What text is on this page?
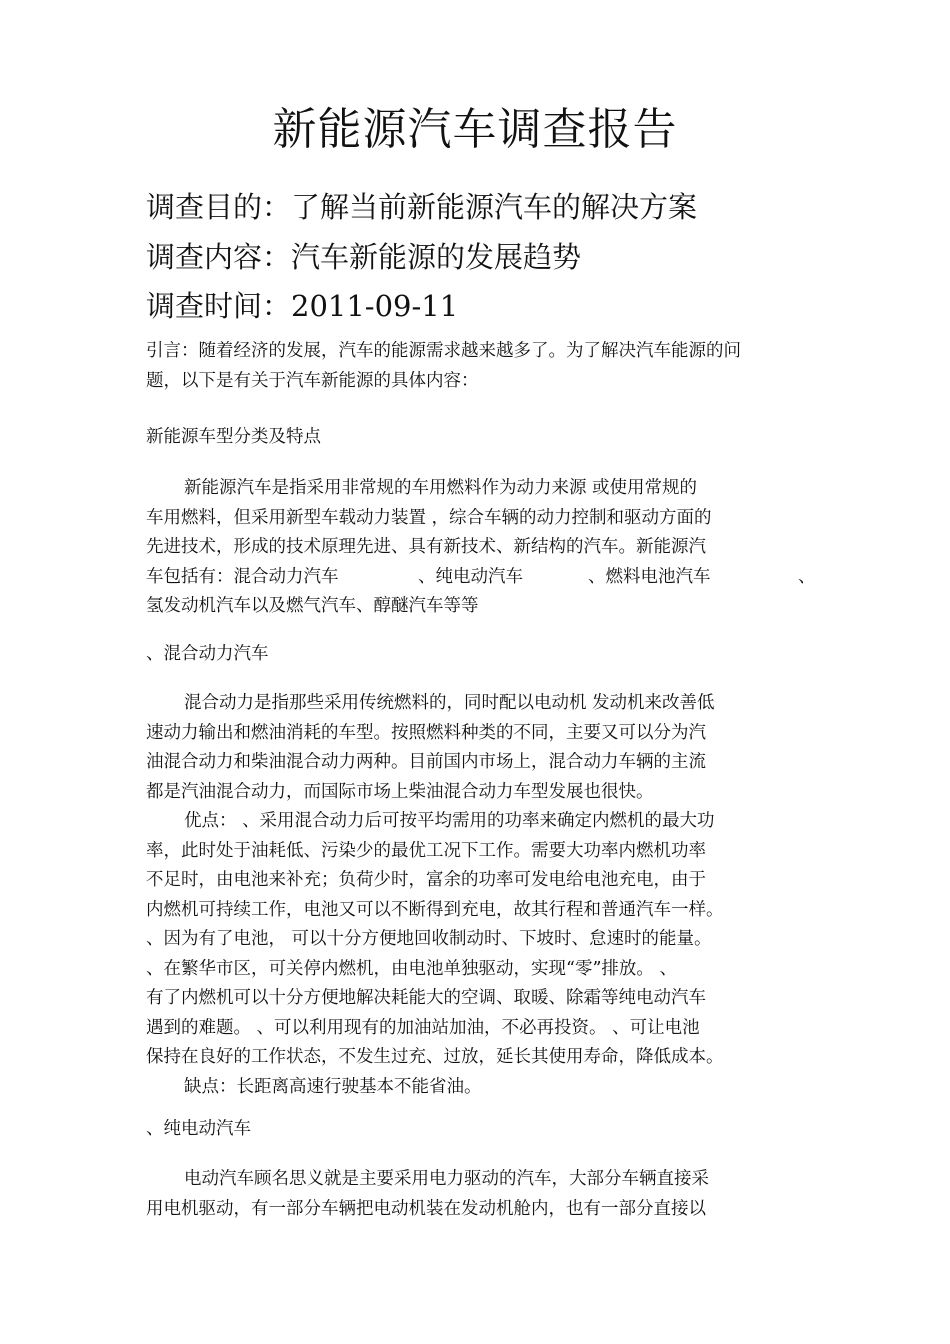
新能源汽车调查报告
调查目的：了解当前新能源汽车的解决方案
调查内容：汽车新能源的发展趋势
调查时间：2011-09-11
引言：随着经济的发展，汽车的能源需求越来越多了。为了解决汽车能源的问
题，以下是有关于汽车新能源的具体内容：
新能源车型分类及特点
新能源汽车是指采用非常规的车用燃料作为动力来源 或使用常规的
车用燃料，但采用新型车载动力装置 ，综合车辆的动力控制和驱动方面的
先进技术，形成的技术原理先进、具有新技术、新结构的汽车。新能源汽
车包括有：混合动力汽车	、纯电动汽车	、燃料电池汽车	、
氢发动机汽车以及燃气汽车、醇醚汽车等等
、混合动力汽车
混合动力是指那些采用传统燃料的，同时配以电动机 发动机来改善低
速动力输出和燃油消耗的车型。按照燃料种类的不同，主要又可以分为汽
油混合动力和柴油混合动力两种。目前国内市场上，混合动力车辆的主流
都是汽油混合动力，而国际市场上柴油混合动力车型发展也很快。
优点： 、采用混合动力后可按平均需用的功率来确定内燃机的最大功
率，此时处于油耗低、污染少的最优工况下工作。需要大功率内燃机功率
不足时，由电池来补充；负荷少时，富余的功率可发电给电池充电，由于
内燃机可持续工作，电池又可以不断得到充电，故其行程和普通汽车一样。
、因为有了电池， 可以十分方便地回收制动时、下坡时、怠速时的能量。
、在繁华市区，可关停内燃机，由电池单独驱动，实现“零”排放。 、
有了内燃机可以十分方便地解决耗能大的空调、取暖、除霜等纯电动汽车
遇到的难题。 、可以利用现有的加油站加油，不必再投资。 、可让电池
保持在良好的工作状态，不发生过充、过放，延长其使用寿命，降低成本。
缺点：长距离高速行驶基本不能省油。
、纯电动汽车
电动汽车顾名思义就是主要采用电力驱动的汽车，大部分车辆直接采
用电机驱动，有一部分车辆把电动机装在发动机舱内，也有一部分直接以
